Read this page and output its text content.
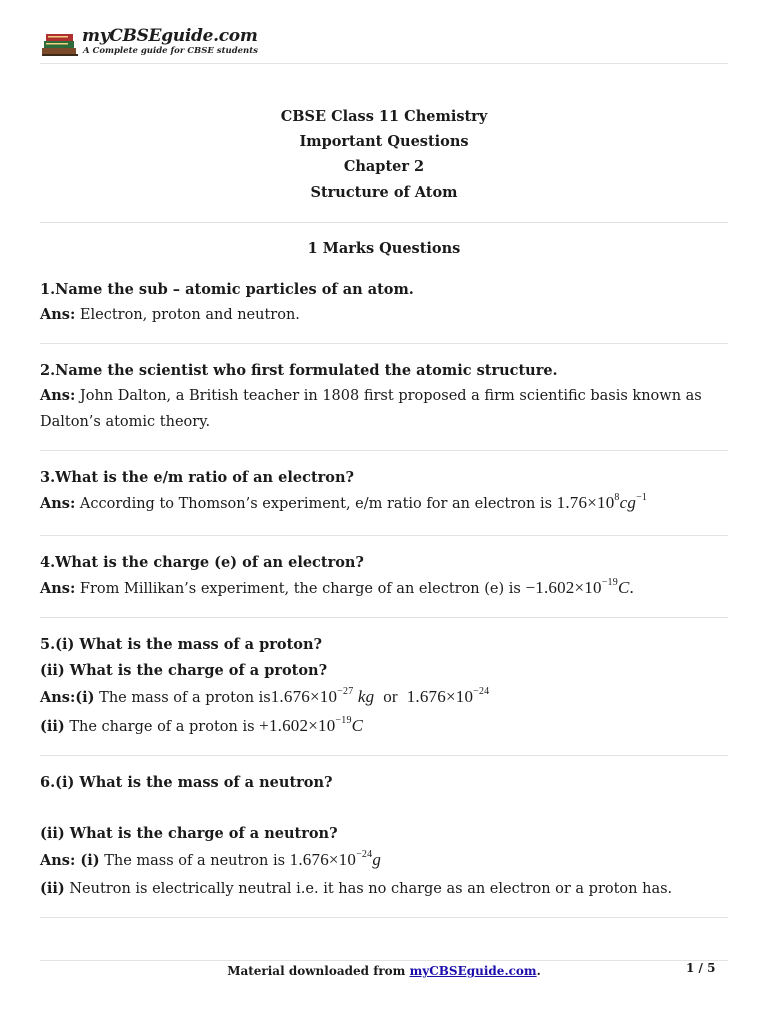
myCBSEguide.com
A Complete guide for CBSE students
CBSE Class 11 Chemistry
Important Questions
Chapter 2
Structure of Atom
1 Marks Questions
1.Name the sub – atomic particles of an atom.
Ans: Electron, proton and neutron.
2.Name the scientist who first formulated the atomic structure.
Ans: John Dalton, a British teacher in 1808 first proposed a firm scientific basis known as
Dalton’s atomic theory.
3.What is the e/m ratio of an electron?
Ans: According to Thomson’s experiment, e/m ratio for an electron is $1.76\times 10^8cg^{-1}$
4.What is the charge (e) of an electron?
Ans: From Millikan’s experiment, the charge of an electron (e) is $-1.602\times 10^{-19}C$.
5.(i) What is the mass of a proton?
(ii) What is the charge of a proton?
Ans:(i) The mass of a proton $is1.676\times 10^{-27}$ kg or $1.676\times 10^{-24}$
(ii) The charge of a proton is $+1.602\times 10^{-19}C$
6.(i) What is the mass of a neutron?
(ii) What is the charge of a neutron?
Ans: (i) The mass of a neutron is $1.676\times 10^{-24}g$
(ii) Neutron is electrically neutral i.e. it has no charge as an electron or a proton has.
Material downloaded from myCBSEguide.com.	1 / 5
